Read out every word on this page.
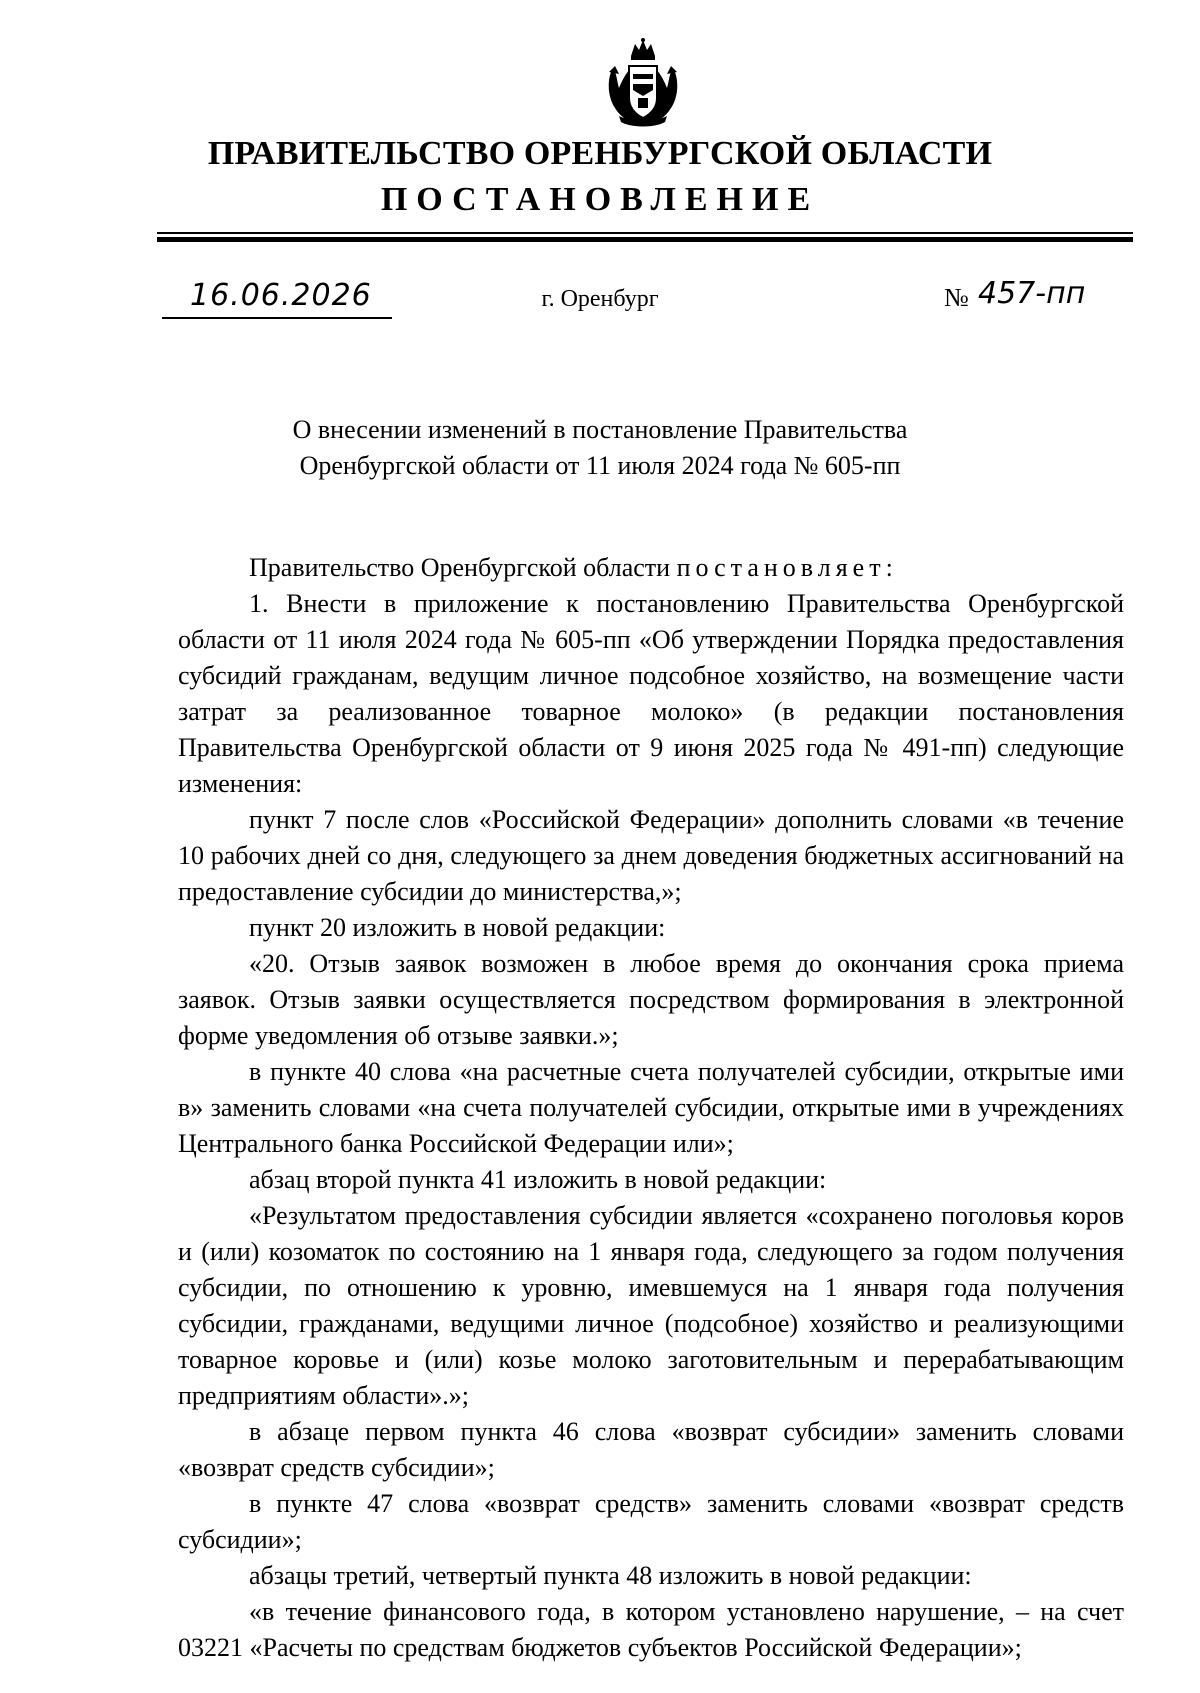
ПРАВИТЕЛЬСТВО ОРЕНБУРГСКОЙ ОБЛАСТИ
ПОСТАНОВЛЕНИЕ
16.06.2026	г. Оренбург	№ 457-пп
О внесении изменений в постановление Правительства
Оренбургской области от 11 июля 2024 года № 605-пп

Правительство Оренбургской области постановляет:

1. Внести в приложение к постановлению Правительства Оренбургской области от 11 июля 2024 года № 605-пп «Об утверждении Порядка предоставления субсидий гражданам, ведущим личное подсобное хозяйство, на возмещение части затрат за реализованное товарное молоко» (в редакции постановления Правительства Оренбургской области от 9 июня 2025 года № 491-пп) следующие изменения:

пункт 7 после слов «Российской Федерации» дополнить словами «в течение 10 рабочих дней со дня, следующего за днем доведения бюджетных ассигнований на предоставление субсидии до министерства,»;

пункт 20 изложить в новой редакции:

«20. Отзыв заявок возможен в любое время до окончания срока приема заявок. Отзыв заявки осуществляется посредством формирования в электронной форме уведомления об отзыве заявки.»;

в пункте 40 слова «на расчетные счета получателей субсидии, открытые ими в» заменить словами «на счета получателей субсидии, открытые ими в учреждениях Центрального банка Российской Федерации или»;

абзац второй пункта 41 изложить в новой редакции:

«Результатом предоставления субсидии является «сохранено поголовья коров и (или) козоматок по состоянию на 1 января года, следующего за годом получения субсидии, по отношению к уровню, имевшемуся на 1 января года получения субсидии, гражданами, ведущими личное (подсобное) хозяйство и реализующими товарное коровье и (или) козье молоко заготовительным и перерабатывающим предприятиям области».»;

в абзаце первом пункта 46 слова «возврат субсидии» заменить словами «возврат средств субсидии»;

в пункте 47 слова «возврат средств» заменить словами «возврат средств субсидии»;

абзацы третий, четвертый пункта 48 изложить в новой редакции:

«в течение финансового года, в котором установлено нарушение, – на счет 03221 «Расчеты по средствам бюджетов субъектов Российской Федерации»;
